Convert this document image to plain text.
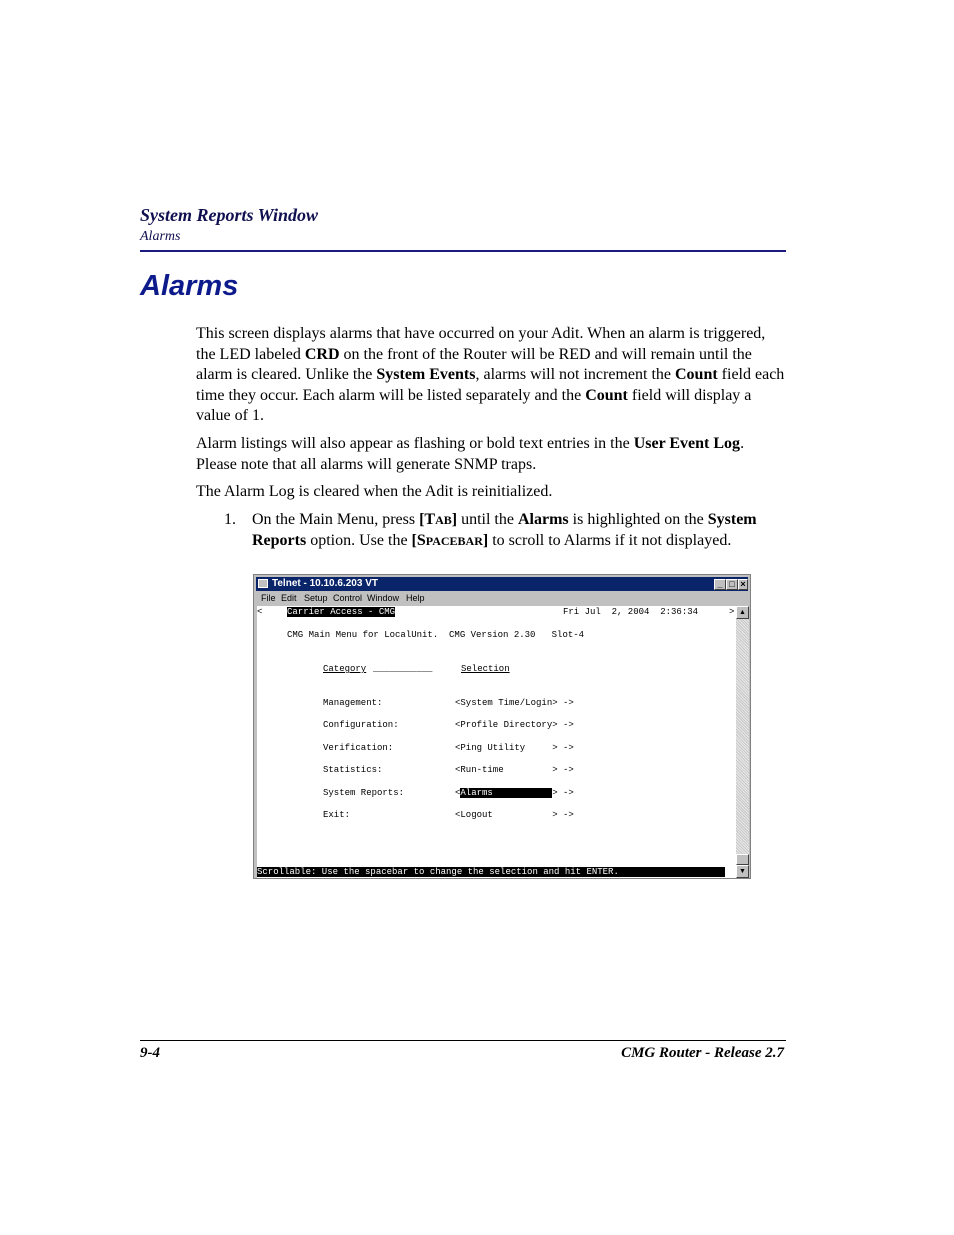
System Reports Window
Alarms
Alarms
This screen displays alarms that have occurred on your Adit. When an alarm is triggered, the LED labeled CRD on the front of the Router will be RED and will remain until the alarm is cleared. Unlike the System Events, alarms will not increment the Count field each time they occur. Each alarm will be listed separately and the Count field will display a value of 1.
Alarm listings will also appear as flashing or bold text entries in the User Event Log. Please note that all alarms will generate SNMP traps.
The Alarm Log is cleared when the Adit is reinitialized.
1. On the Main Menu, press [TAB] until the Alarms is highlighted on the System Reports option. Use the [SPACEBAR] to scroll to Alarms if it not displayed.
Telnet - 10.10.6.203 VT	_ □ ×
File Edit Setup Control Window Help
<	Carrier Access - CMG	Fri Jul  2, 2004  2:36:34	>
CMG Main Menu for LocalUnit.  CMG Version 2.30   Slot-4
Category ___________	Selection
Management:	<System Time/Login> ->
Configuration:	<Profile Directory> ->
Verification:	<Ping Utility     > ->
Statistics:	<Run-time         > ->
System Reports:	<Alarms           > ->
Exit:	<Logout           > ->
Scrollable: Use the spacebar to change the selection and hit ENTER.
▲
▼
9-4	CMG Router - Release 2.7
